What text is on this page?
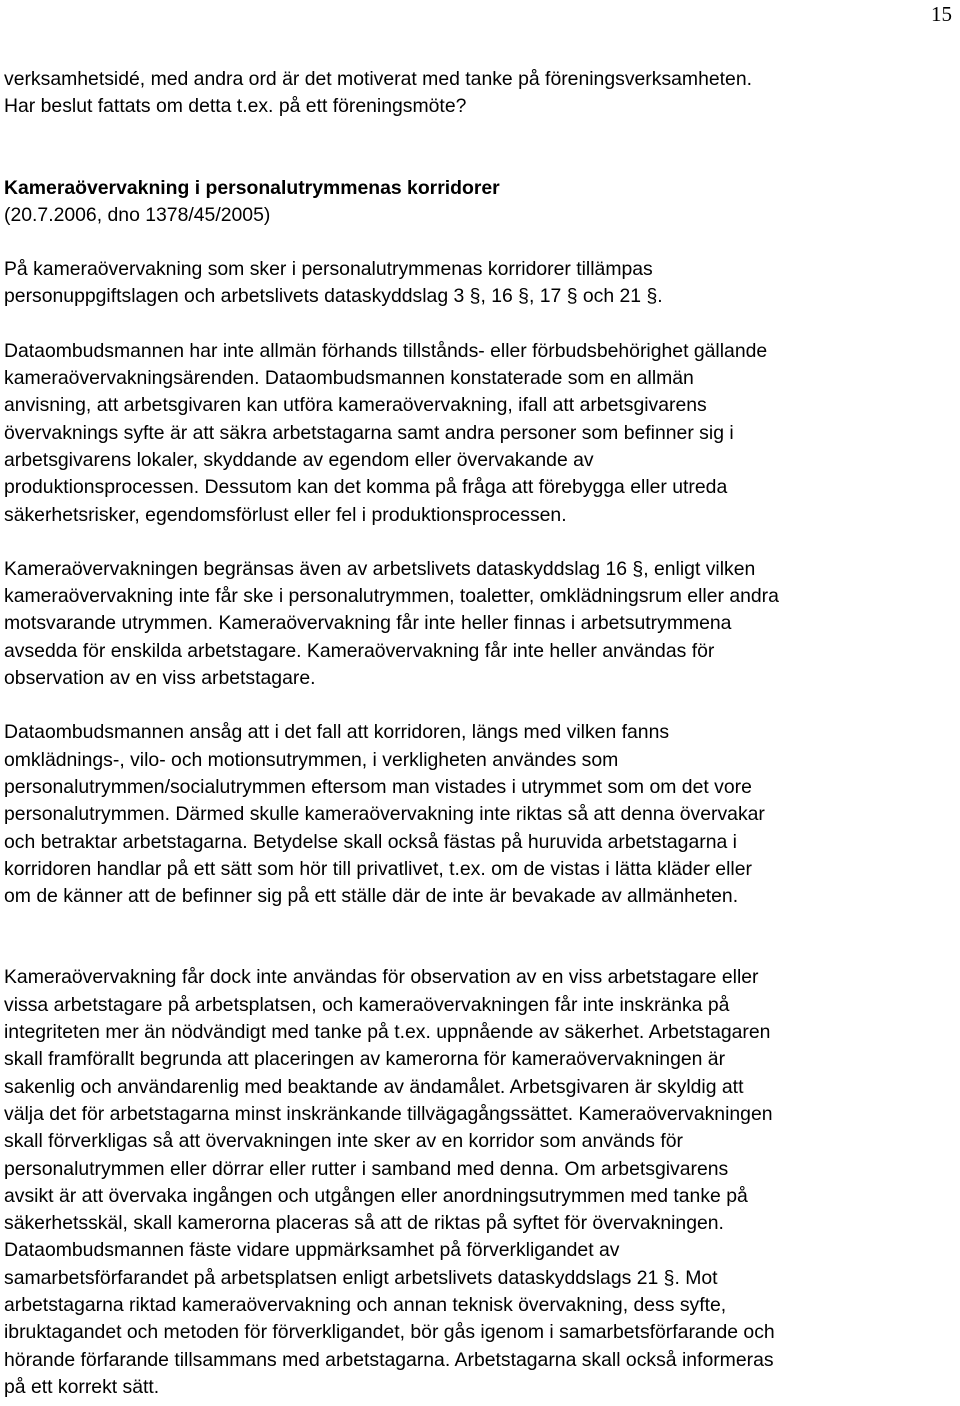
15

verksamhetsidé, med andra ord är det motiverat med tanke på föreningsverksamheten.
Har beslut fattats om detta t.ex. på ett föreningsmöte?

Kameraövervakning i personalutrymmenas korridorer
(20.7.2006, dno 1378/45/2005)

På kameraövervakning som sker i personalutrymmenas korridorer tillämpas
personuppgiftslagen och arbetslivets dataskyddslag 3 §, 16 §, 17 § och 21 §.

Dataombudsmannen har inte allmän förhands tillstånds- eller förbudsbehörighet gällande
kameraövervakningsärenden. Dataombudsmannen konstaterade som en allmän
anvisning, att arbetsgivaren kan utföra kameraövervakning, ifall att arbetsgivarens
övervaknings syfte är att säkra arbetstagarna samt andra personer som befinner sig i
arbetsgivarens lokaler, skyddande av egendom eller övervakande av
produktionsprocessen. Dessutom kan det komma på fråga att förebygga eller utreda
säkerhetsrisker, egendomsförlust eller fel i produktionsprocessen.

Kameraövervakningen begränsas även av arbetslivets dataskyddslag 16 §, enligt vilken
kameraövervakning inte får ske i personalutrymmen, toaletter, omklädningsrum eller andra
motsvarande utrymmen. Kameraövervakning får inte heller finnas i arbetsutrymmena
avsedda för enskilda arbetstagare. Kameraövervakning får inte heller användas för
observation av en viss arbetstagare.

Dataombudsmannen ansåg att i det fall att korridoren, längs med vilken fanns
omklädnings-, vilo- och motionsutrymmen, i verkligheten användes som
personalutrymmen/socialutrymmen eftersom man vistades i utrymmet som om det vore
personalutrymmen. Därmed skulle kameraövervakning inte riktas så att denna övervakar
och betraktar arbetstagarna. Betydelse skall också fästas på huruvida arbetstagarna i
korridoren handlar på ett sätt som hör till privatlivet, t.ex. om de vistas i lätta kläder eller
om de känner att de befinner sig på ett ställe där de inte är bevakade av allmänheten.

Kameraövervakning får dock inte användas för observation av en viss arbetstagare eller
vissa arbetstagare på arbetsplatsen, och kameraövervakningen får inte inskränka på
integriteten mer än nödvändigt med tanke på t.ex. uppnående av säkerhet. Arbetstagaren
skall framförallt begrunda att placeringen av kamerorna för kameraövervakningen är
sakenlig och användarenlig med beaktande av ändamålet. Arbetsgivaren är skyldig att
välja det för arbetstagarna minst inskränkande tillvägagångssättet. Kameraövervakningen
skall förverkligas så att övervakningen inte sker av en korridor som används för
personalutrymmen eller dörrar eller rutter i samband med denna. Om arbetsgivarens
avsikt är att övervaka ingången och utgången eller anordningsutrymmen med tanke på
säkerhetsskäl, skall kamerorna placeras så att de riktas på syftet för övervakningen.
Dataombudsmannen fäste vidare uppmärksamhet på förverkligandet av
samarbetsförfarandet på arbetsplatsen enligt arbetslivets dataskyddslags 21 §. Mot
arbetstagarna riktad kameraövervakning och annan teknisk övervakning, dess syfte,
ibruktagandet och metoden för förverkligandet, bör gås igenom i samarbetsförfarande och
hörande förfarande tillsammans med arbetstagarna. Arbetstagarna skall också informeras
på ett korrekt sätt.
